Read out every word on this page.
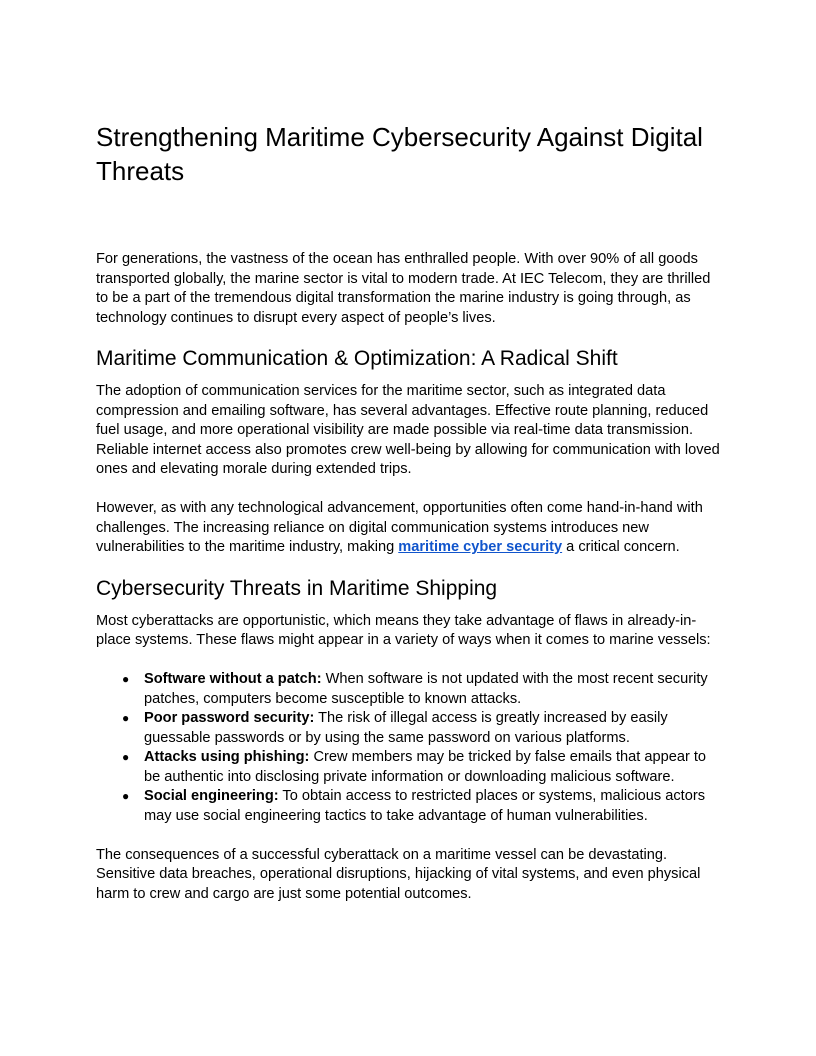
Strengthening Maritime Cybersecurity Against Digital Threats

For generations, the vastness of the ocean has enthralled people. With over 90% of all goods transported globally, the marine sector is vital to modern trade. At IEC Telecom, they are thrilled to be a part of the tremendous digital transformation the marine industry is going through, as technology continues to disrupt every aspect of people’s lives.

Maritime Communication & Optimization: A Radical Shift

The adoption of communication services for the maritime sector, such as integrated data compression and emailing software, has several advantages. Effective route planning, reduced fuel usage, and more operational visibility are made possible via real-time data transmission. Reliable internet access also promotes crew well-being by allowing for communication with loved ones and elevating morale during extended trips.

However, as with any technological advancement, opportunities often come hand-in-hand with challenges. The increasing reliance on digital communication systems introduces new vulnerabilities to the maritime industry, making maritime cyber security a critical concern.

Cybersecurity Threats in Maritime Shipping

Most cyberattacks are opportunistic, which means they take advantage of flaws in already-in-place systems. These flaws might appear in a variety of ways when it comes to marine vessels:

● Software without a patch: When software is not updated with the most recent security patches, computers become susceptible to known attacks.
● Poor password security: The risk of illegal access is greatly increased by easily guessable passwords or by using the same password on various platforms.
● Attacks using phishing: Crew members may be tricked by false emails that appear to be authentic into disclosing private information or downloading malicious software.
● Social engineering: To obtain access to restricted places or systems, malicious actors may use social engineering tactics to take advantage of human vulnerabilities.

The consequences of a successful cyberattack on a maritime vessel can be devastating. Sensitive data breaches, operational disruptions, hijacking of vital systems, and even physical harm to crew and cargo are just some potential outcomes.
